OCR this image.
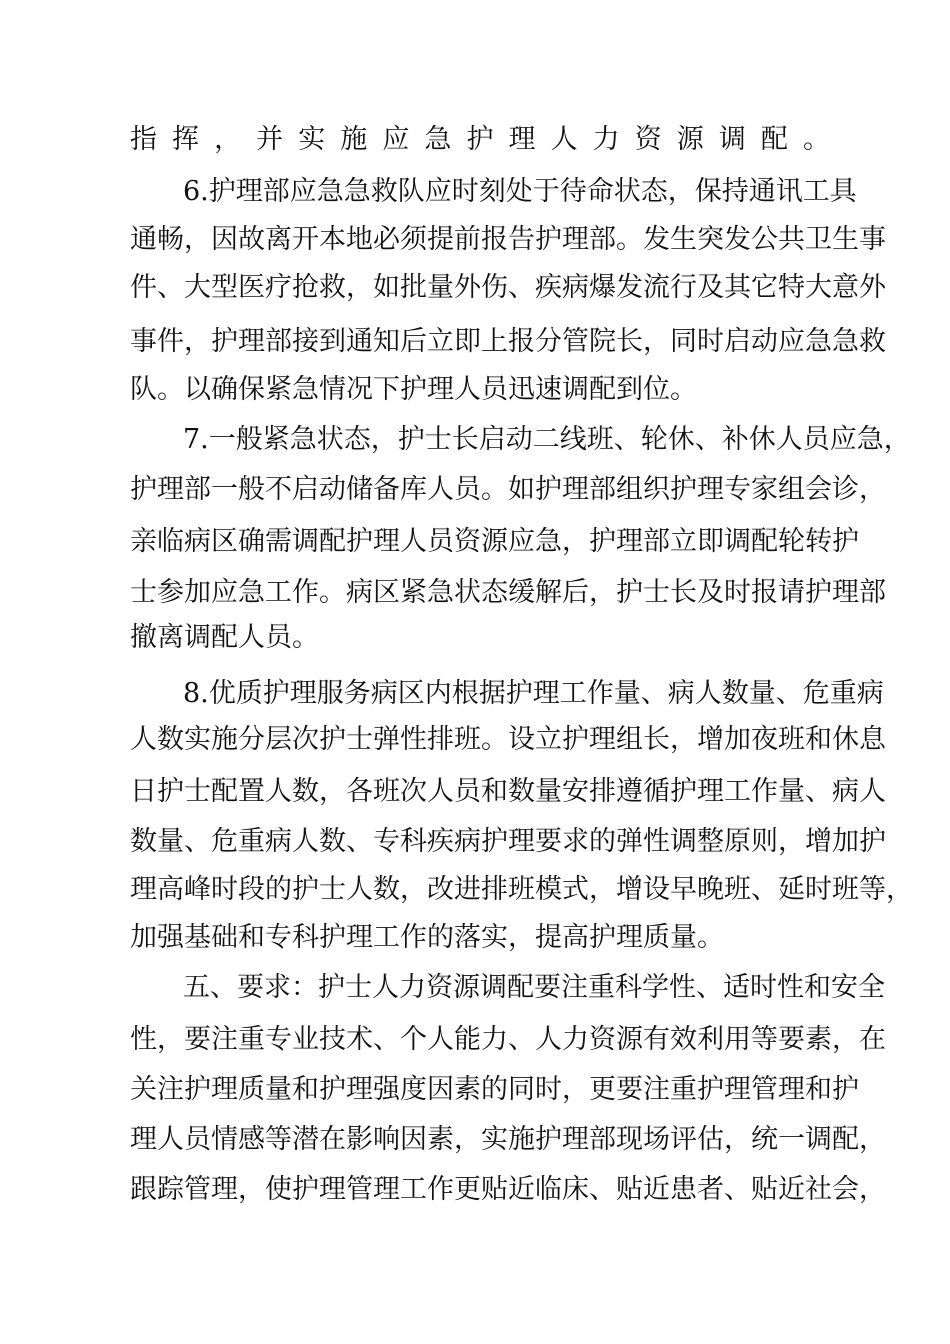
指挥，并实施应急护理人力资源调配。
6.护理部应急急救队应时刻处于待命状态，保持通讯工具
通畅，因故离开本地必须提前报告护理部。发生突发公共卫生事
件、大型医疗抢救，如批量外伤、疾病爆发流行及其它特大意外
事件，护理部接到通知后立即上报分管院长，同时启动应急急救
队。以确保紧急情况下护理人员迅速调配到位。
7.一般紧急状态，护士长启动二线班、轮休、补休人员应急，
护理部一般不启动储备库人员。如护理部组织护理专家组会诊，
亲临病区确需调配护理人员资源应急，护理部立即调配轮转护
士参加应急工作。病区紧急状态缓解后，护士长及时报请护理部
撤离调配人员。
8.优质护理服务病区内根据护理工作量、病人数量、危重病
人数实施分层次护士弹性排班。设立护理组长，增加夜班和休息
日护士配置人数，各班次人员和数量安排遵循护理工作量、病人
数量、危重病人数、专科疾病护理要求的弹性调整原则，增加护
理高峰时段的护士人数，改进排班模式，增设早晚班、延时班等，
加强基础和专科护理工作的落实，提高护理质量。
五、要求：护士人力资源调配要注重科学性、适时性和安全
性，要注重专业技术、个人能力、人力资源有效利用等要素，在
关注护理质量和护理强度因素的同时，更要注重护理管理和护
理人员情感等潜在影响因素，实施护理部现场评估，统一调配，
跟踪管理，使护理管理工作更贴近临床、贴近患者、贴近社会，
